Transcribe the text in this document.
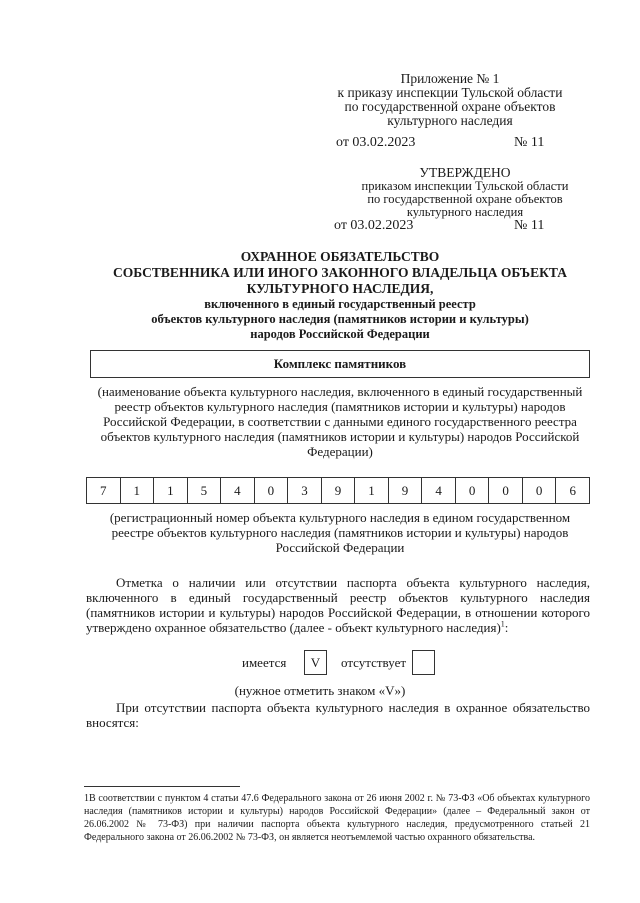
Приложение № 1
к приказу инспекции Тульской области
по государственной охране объектов
культурного наследия
от 03.02.2023	№ 11
УТВЕРЖДЕНО
приказом инспекции Тульской области
по государственной охране объектов
культурного наследия
от 03.02.2023	№ 11
ОХРАННОЕ ОБЯЗАТЕЛЬСТВО
СОБСТВЕННИКА ИЛИ ИНОГО ЗАКОННОГО ВЛАДЕЛЬЦА ОБЪЕКТА
КУЛЬТУРНОГО НАСЛЕДИЯ,
включенного в единый государственный реестр
объектов культурного наследия (памятников истории и культуры)
народов Российской Федерации
Комплекс памятников
(наименование объекта культурного наследия, включенного в единый государственный
реестр объектов культурного наследия (памятников истории и культуры) народов
Российской Федерации, в соответствии с данными единого государственного реестра
объектов культурного наследия (памятников истории и культуры) народов Российской
Федерации)
7	1	1	5	4	0	3	9	1	9	4	0	0	0	6
(регистрационный номер объекта культурного наследия в едином государственном
реестре объектов культурного наследия (памятников истории и культуры) народов
Российской Федерации
Отметка о наличии или отсутствии паспорта объекта культурного наследия, включенного в единый государственный реестр объектов культурного наследия (памятников истории и культуры) народов Российской Федерации, в отношении которого утверждено охранное обязательство (далее - объект культурного наследия)$^1$:
имеется	V	отсутствует
(нужное отметить знаком «V»)
При отсутствии паспорта объекта культурного наследия в охранное обязательство вносятся:
1В соответствии с пунктом 4 статьи 47.6 Федерального закона от 26 июня 2002 г. № 73-ФЗ «Об объектах культурного наследия (памятников истории и культуры) народов Российской Федерации» (далее – Федеральный закон от 26.06.2002 № 73-ФЗ) при наличии паспорта объекта культурного наследия, предусмотренного статьей 21 Федерального закона от 26.06.2002 № 73-ФЗ, он является неотъемлемой частью охранного обязательства.
